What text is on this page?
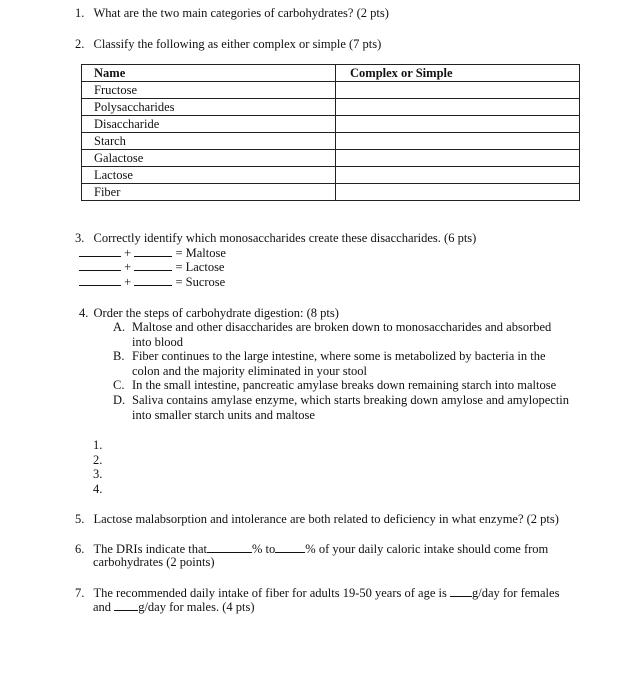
1. What are the two main categories of carbohydrates? (2 pts)
2. Classify the following as either complex or simple (7 pts)
Name	Complex or Simple
Fructose	
Polysaccharides	
Disaccharide	
Starch	
Galactose	
Lactose	
Fiber	
3. Correctly identify which monosaccharides create these disaccharides. (6 pts)
+	= Maltose
+	= Lactose
+	= Sucrose
4. Order the steps of carbohydrate digestion: (8 pts)
A. Maltose and other disaccharides are broken down to monosaccharides and absorbed into blood
B. Fiber continues to the large intestine, where some is metabolized by bacteria in the colon and the majority eliminated in your stool
C. In the small intestine, pancreatic amylase breaks down remaining starch into maltose
D. Saliva contains amylase enzyme, which starts breaking down amylose and amylopectin into smaller starch units and maltose
1.
2.
3.
4.
5. Lactose malabsorption and intolerance are both related to deficiency in what enzyme? (2 pts)
6. The DRIs indicate that	% to % of your daily caloric intake should come from
carbohydrates (2 points)
7. The recommended daily intake of fiber for adults 19-50 years of age is g/day for females
and g/day for males. (4 pts)
